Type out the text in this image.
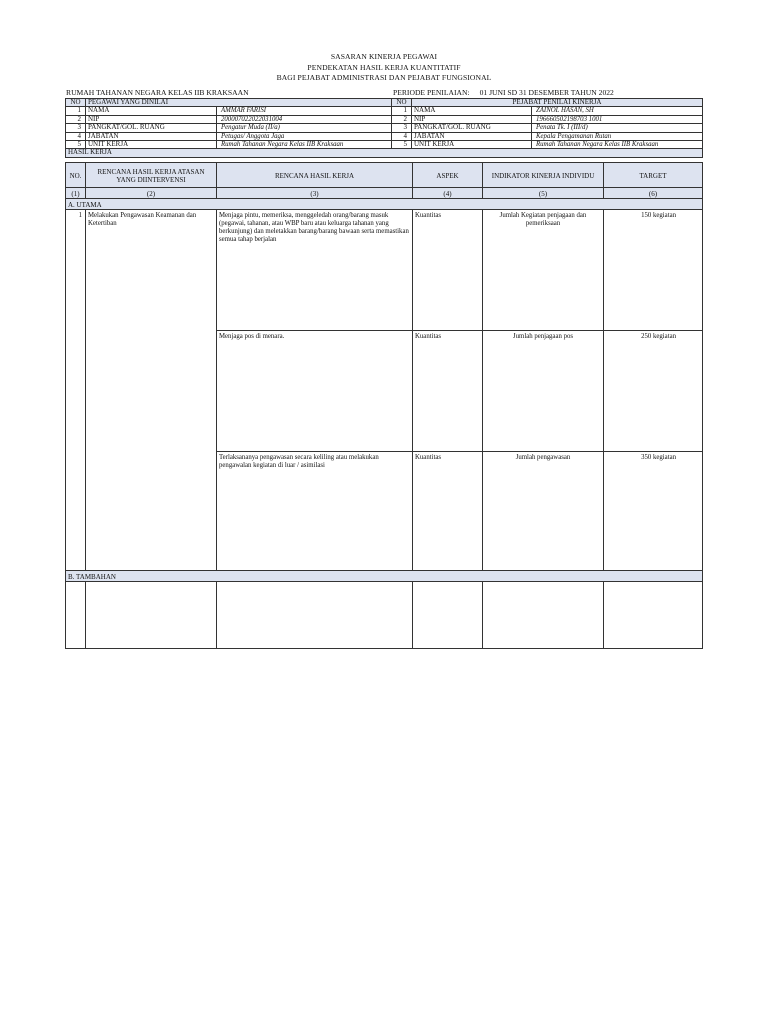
SASARAN KINERJA PEGAWAI
PENDEKATAN HASIL KERJA KUANTITATIF
BAGI PEJABAT ADMINISTRASI DAN PEJABAT FUNGSIONAL
RUMAH TAHANAN NEGARA KELAS IIB KRAKSAAN	PERIODE PENILAIAN: 01 JUNI SD 31 DESEMBER TAHUN 2022
NO	PEGAWAI YANG DINILAI		NO	PEJABAT PENILAI KINERJA	
1	NAMA	AMMAR FARISI	1	NAMA	ZAINOL HASAN, SH
2	NIP	200007022022031004	2	NIP	196660502198703 1001
3	PANGKAT/GOL. RUANG	Pengatur Muda (II/a)	3	PANGKAT/GOL. RUANG	Penata Tk. I (III/d)
4	JABATAN	Petugas/ Anggota Jaga	4	JABATAN	Kepala Pengamanan Rutan
5	UNIT KERJA	Rumah Tahanan Negara Kelas IIB Kraksaan	5	UNIT KERJA	Rumah Tahanan Negara Kelas IIB Kraksaan
HASIL KERJA					
NO.	RENCANA HASIL KERJA ATASAN YANG DIINTERVENSI	RENCANA HASIL KERJA	ASPEK	INDIKATOR KINERJA INDIVIDU	TARGET
(1)	(2)	(3)	(4)	(5)	(6)
A. UTAMA					
1	Melakukan Pengawasan Keamanan dan Ketertiban	Menjaga pintu, memeriksa, menggeledah orang/barang masuk (pegawai, tahanan, atau WBP baru atau keluarga tahanan yang berkunjung) dan meletakkan barang/barang bawaan serta memastikan semua tahap berjalan	Kuantitas	Jumlah Kegiatan penjagaan dan pemeriksaan	150 kegiatan
		Menjaga pos di menara.	Kuantitas	Jumlah penjagaan pos	250 kegiatan
		Terlaksananya pengawasan secara keliling atau melakukan pengawalan kegiatan di luar / asimilasi	Kuantitas	Jumlah pengawasan	350 kegiatan
B. TAMBAHAN					
